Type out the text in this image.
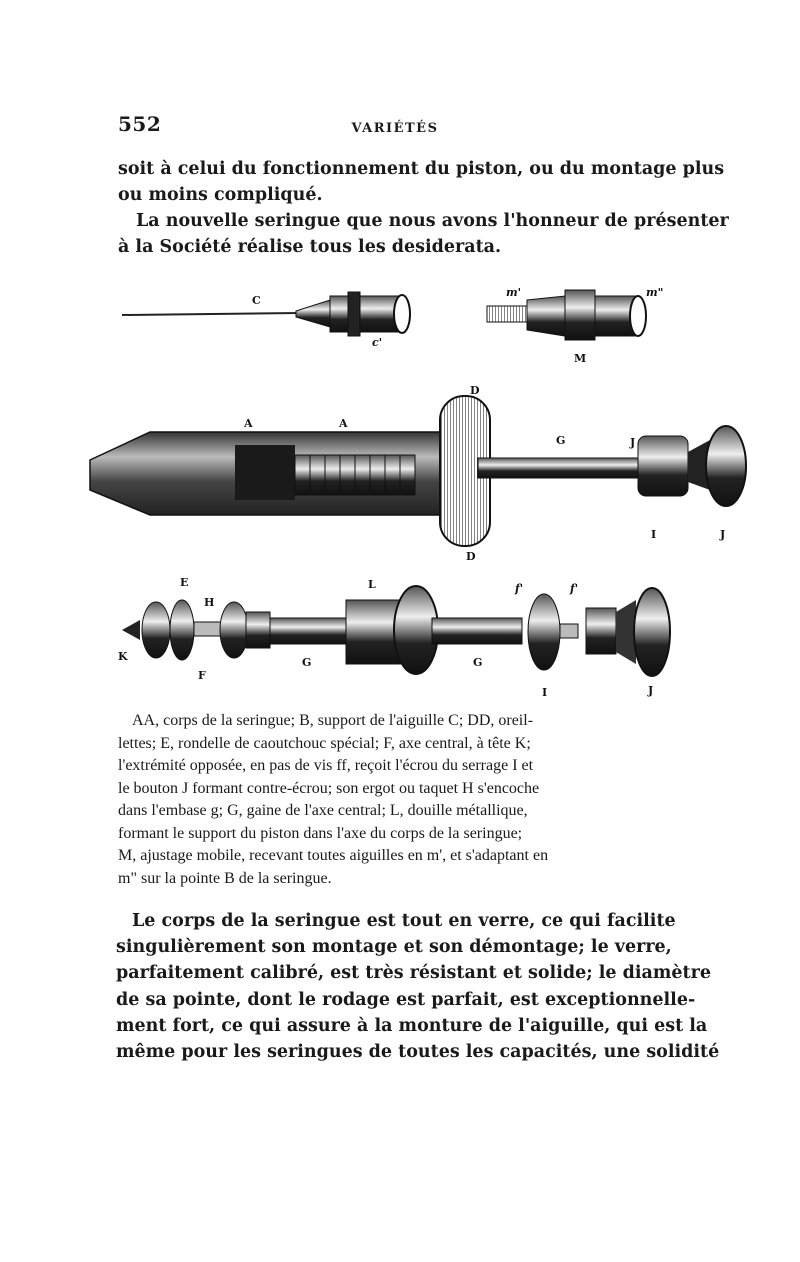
552	VARIÉTÉS

soit à celui du fonctionnement du piston, ou du montage plus
ou moins compliqué.

La nouvelle seringue que nous avons l'honneur de présenter
à la Société réalise tous les desiderata.

C
c'
m'	m"
M
D
D
A	A
G	J
I	J
E
H
K
F
L
G	G
f'	f'
I	J

AA, corps de la seringue; B, support de l'aiguille C; DD, oreil-
lettes; E, rondelle de caoutchouc spécial; F, axe central, à tête K;
l'extrémité opposée, en pas de vis ff, reçoit l'écrou du serrage I et
le bouton J formant contre-écrou; son ergot ou taquet H s'encoche
dans l'embase g; G, gaine de l'axe central; L, douille métallique,
formant le support du piston dans l'axe du corps de la seringue;
M, ajustage mobile, recevant toutes aiguilles en m', et s'adaptant en
m" sur la pointe B de la seringue.

Le corps de la seringue est tout en verre, ce qui facilite
singulièrement son montage et son démontage; le verre,
parfaitement calibré, est très résistant et solide; le diamètre
de sa pointe, dont le rodage est parfait, est exceptionnelle-
ment fort, ce qui assure à la monture de l'aiguille, qui est la
même pour les seringues de toutes les capacités, une solidité
